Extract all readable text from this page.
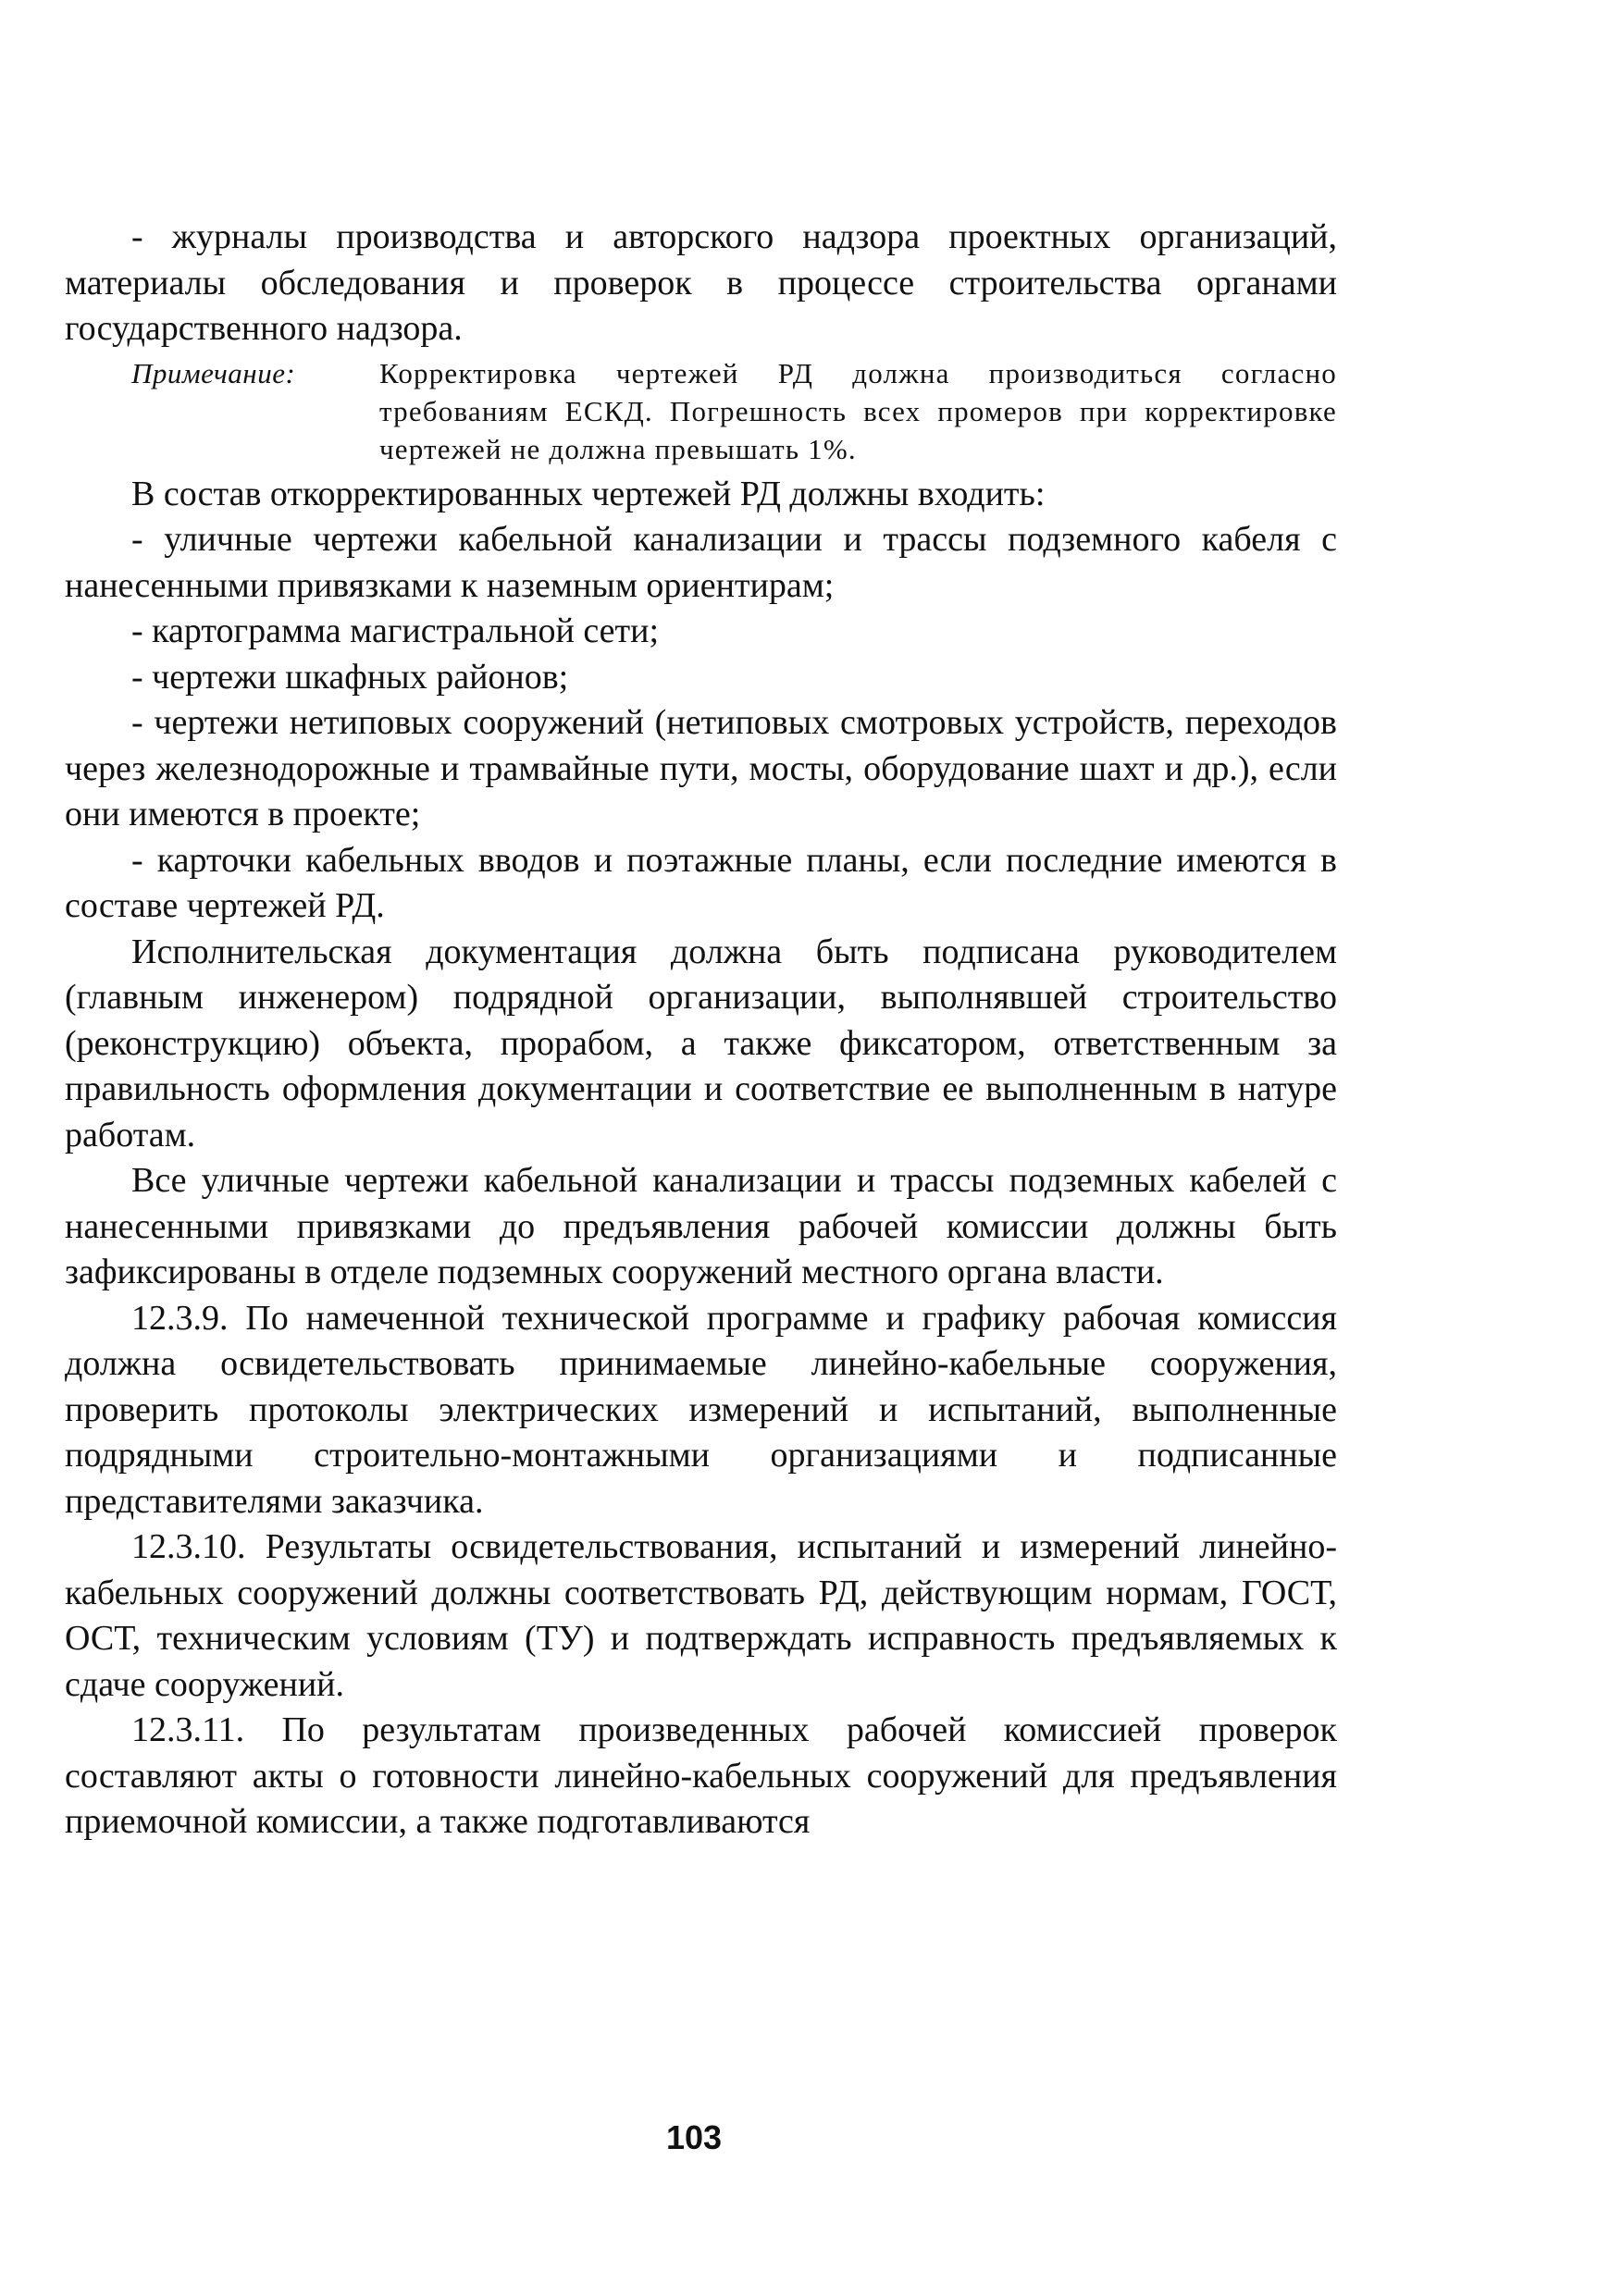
- журналы производства и авторского надзора проектных организаций, материалы обследования и проверок в процессе строительства органами государственного надзора.

Примечание:	Корректировка чертежей РД должна производиться согласно требованиям ЕСКД. Погрешность всех промеров при корректировке чертежей не должна превышать 1%.

В состав откорректированных чертежей РД должны входить:

- уличные чертежи кабельной канализации и трассы подземного кабеля с нанесенными привязками к наземным ориентирам;

- картограмма магистральной сети;

- чертежи шкафных районов;

- чертежи нетиповых сооружений (нетиповых смотровых устройств, переходов через железнодорожные и трамвайные пути, мосты, оборудование шахт и др.), если они имеются в проекте;

- карточки кабельных вводов и поэтажные планы, если последние имеются в составе чертежей РД.

Исполнительская документация должна быть подписана руководителем (главным инженером) подрядной организации, выполнявшей строительство (реконструкцию) объекта, прорабом, а также фиксатором, ответственным за правильность оформления документации и соответствие ее выполненным в натуре работам.

Все уличные чертежи кабельной канализации и трассы подземных кабелей с нанесенными привязками до предъявления рабочей комиссии должны быть зафиксированы в отделе подземных сооружений местного органа власти.

12.3.9. По намеченной технической программе и графику рабочая комиссия должна освидетельствовать принимаемые линейно-кабельные сооружения, проверить протоколы электрических измерений и испытаний, выполненные подрядными строительно-монтажными организациями и подписанные представителями заказчика.

12.3.10. Результаты освидетельствования, испытаний и измерений линейно-кабельных сооружений должны соответствовать РД, действующим нормам, ГОСТ, ОСТ, техническим условиям (ТУ) и подтверждать исправность предъявляемых к сдаче сооружений.

12.3.11. По результатам произведенных рабочей комиссией проверок составляют акты о готовности линейно-кабельных сооружений для предъявления приемочной комиссии, а также подготавливаются

103
